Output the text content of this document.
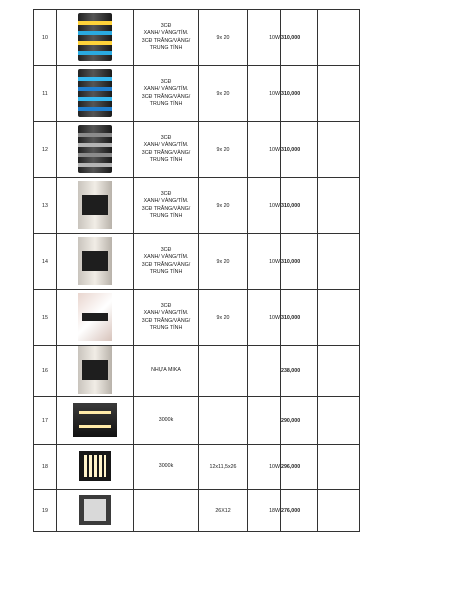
10		3CĐ
XANH/ VÀNG/TÍM.
3CĐ TRẮNG/VÀNG/
TRUNG TÍNH	9x 20	10W	310,000	
11		3CĐ
XANH/ VÀNG/TÍM.
3CĐ TRẮNG/VÀNG/
TRUNG TÍNH	9x 20	10W	310,000	
12		3CĐ
XANH/ VÀNG/TÍM.
3CĐ TRẮNG/VÀNG/
TRUNG TÍNH	9x 20	10W	310,000	
13		3CĐ
XANH/ VÀNG/TÍM.
3CĐ TRẮNG/VÀNG/
TRUNG TÍNH	9x 20	10W	310,000	
14		3CĐ
XANH/ VÀNG/TÍM.
3CĐ TRẮNG/VÀNG/
TRUNG TÍNH	9x 20	10W	310,000	
15		3CĐ
XANH/ VÀNG/TÍM.
3CĐ TRẮNG/VÀNG/
TRUNG TÍNH	9x 20	10W	310,000	
16		NHỰA MIKA			238,000	
17		3000k			290,000	
18		3000k	12x11,5x26	10W	296,000	
19			26X12	18W	276,000	
